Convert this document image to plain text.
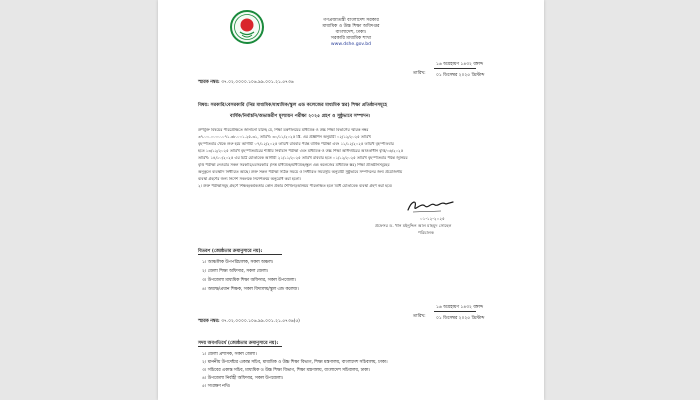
গণপ্রজাতন্ত্রী বাংলাদেশ সরকার
মাধ্যমিক ও উচ্চ শিক্ষা অধিদপ্তর
বাংলাদেশ, ঢাকা।
সরকারি মাধ্যমিক শাখা
www.dshe.gov.bd
১৬ অগ্রহায়ণ ১৪৩২ বঙ্গাব্দ
তারিখ: ০১ ডিসেম্বর ২০২৫ খ্রিস্টাব্দ
স্মারক নম্বর: ৩৭.০২.০০০০.১০৬.৯৯.০০১.২১.৫৭৩৬
বিষয়: সরকারি/বেসরকারি (নিম্ন মাধ্যমিক/মাধ্যমিক/স্কুল এন্ড কলেজের মাধ্যমিক স্তর) শিক্ষা প্রতিষ্ঠানসমূহে
বার্ষিক/নির্বাচনি/অভ্যন্তরীণ মূল্যায়ন পরীক্ষা ২০২৫ গ্রহণ ও সুষ্ঠুভাবে সম্পাদন।
উপর্যুক্ত বিষয়ের পরিপ্রেক্ষিতে জানানো যাচ্ছে যে, শিক্ষা মন্ত্রণালয়ের মাধ্যমিক ও উচ্চ শিক্ষা বিভাগের স্মারক নম্বর
৩৭.০০.০০০০.০৭১.৩৮.০০১.২৫-৩১, তারিখ: ৩০/১১/২০২৫ খ্রি. এর প্রজ্ঞাপন অনুযায়ী ০২/১২/২০২৫ তারিখ
বৃহস্পতিবার থেকে শুরু হয়ে আগামী ০৭/১২/২০২৫ তারিখ রবিবার পর্যন্ত বার্ষিক পরীক্ষা এবং ১১/১২/২০২৫ তারিখ বৃহস্পতিবার
হতে ১৩/১২/২০২৫ তারিখ বৃহস্পতিবারের শাস্ত্রীয় নির্বাচনি পরীক্ষা এবং মাধ্যমিক ও উচ্চ শিক্ষা অধিদপ্তরের আওতাধীন বৃত্তি/০৬/২০২৫
তারিখ: ১৪/১০/২০২৫ এর চিঠি মোতাবেক আগামী ২১/১১/২০২৫ তারিখ রবিবার হতে ০১/১২/২০২৫ তারিখ বৃহস্পতিবার পর্যন্ত জুনিয়র
বৃত্তি পরীক্ষা নেওয়ার সকল সরকারি/বেসরকারি (নিম্ন মাধ্যমিক/মাধ্যমিক/স্কুল এন্ড কলেজের মাধ্যমিক স্তর) শিক্ষা প্রতিষ্ঠানসমূহের
অনুকূলে ব্যবস্থাদি নির্ধারিত আছে। উক্ত সকল পরীক্ষা সঠিক সময়ে ও নির্ধারিত সময়সূচি অনুযায়ী সুষ্ঠুভাবে সম্পাদনের জন্য প্রয়োজনীয়
ব্যবস্থা গ্রহণের জন্য নির্দেশ সকলকে নির্দেশক্রমে অনুরোধ করা হলো।
২। উক্ত পরীক্ষাসমূহ গ্রহণে শিক্ষক/কর্মকর্তার কোন প্রকার শৈথিল্য/অনিয়ম পরিলক্ষিত হলে বিধি মোতাবেক ব্যবস্থা গ্রহণ করা হবে।
০১-১২-২০২৫
প্রফেসর ড. খান মইনুদ্দিন আল মাহমুদ সোহেল
পরিচালক
বিতরণ (জ্যেষ্ঠতার ক্রমানুসারে নয়):
১। আঞ্চলিক উপপরিচালক, সকল অঞ্চল।
২। জেলা শিক্ষা অফিসার, সকল জেলা।
৩। উপজেলা মাধ্যমিক শিক্ষা অফিসার, সকল উপজেলা।
৪। অধ্যক্ষ/প্রধান শিক্ষক, সকল বিদ্যালয়/স্কুল এন্ড কলেজ।
১৬ অগ্রহায়ণ ১৪৩২ বঙ্গাব্দ
তারিখ: ০১ ডিসেম্বর ২০২৫ খ্রিস্টাব্দ
স্মারক নম্বর: ৩৭.০২.০০০০.১০৬.৯৯.০০১.২১.৫৭৩৬(৫)
সদয় অবগতির্থে (জ্যেষ্ঠতার ক্রমানুসারে নয়):
১। জেলা প্রশাসক, সকল জেলা।
২। মাননীয় উপদেষ্টার একান্ত সচিব, মাধ্যমিক ও উচ্চ শিক্ষা বিভাগ, শিক্ষা মন্ত্রণালয়, বাংলাদেশ সচিবালয়, ঢাকা।
৩। সচিবের একান্ত সচিব, মাধ্যমিক ও উচ্চ শিক্ষা বিভাগ, শিক্ষা মন্ত্রণালয়, বাংলাদেশ সচিবালয়, ঢাকা।
৪। উপজেলা নির্বাহী অফিসার, সকল উপজেলা।
৫। সংরক্ষণ নথি।
